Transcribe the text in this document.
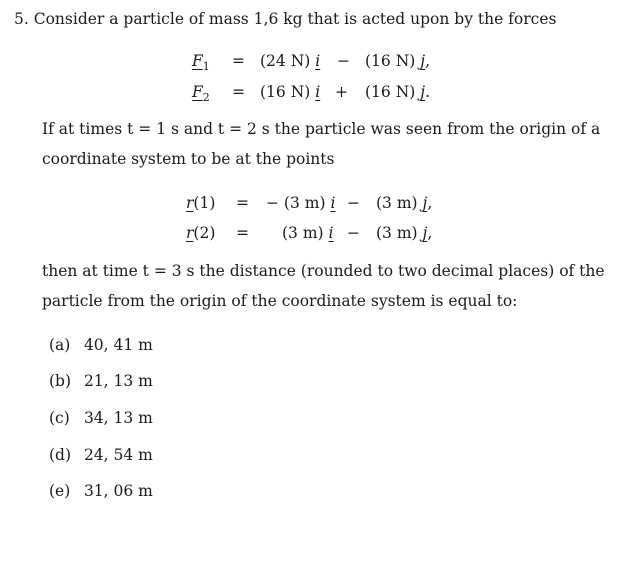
5. Consider a particle of mass 1,6 kg that is acted upon by the forces
$F_1 = (24$ N) i − (16 N) j,
$F_2 = (16$ N) i + (16 N) j.
If at times t = 1 s and t = 2 s the particle was seen from the origin of a
coordinate system to be at the points
r(1) = − (3 m) i − (3 m) j,
r(2) = (3 m) i − (3 m) j,
then at time t = 3 s the distance (rounded to two decimal places) of the
particle from the origin of the coordinate system is equal to:
(a) 40, 41 m
(b) 21, 13 m
(c) 34, 13 m
(d) 24, 54 m
(e) 31, 06 m
